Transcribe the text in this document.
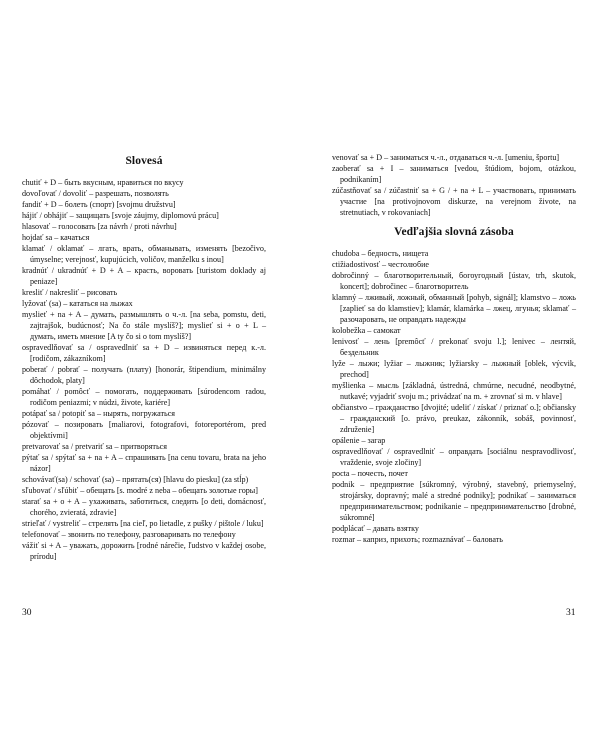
Slovesá

chutiť + D – быть вкусным, нравиться по вкусу

dovoľovať / dovoliť – разрешать, позволять

fandiť + D – болеть (спорт) [svojmu družstvu]

hájiť / obhájiť – защищать [svoje záujmy, diplomovú prácu]

hlasovať – голосовать [za návrh / proti návrhu]

hojdať sa – качаться

klamať / oklamať – лгать, врать, обманывать, изменять [bezočivo, úmyselne; verejnosť, kupujúcich, voličov, manželku s inou]

kradnúť / ukradnúť + D + A – красть, воровать [turistom doklady aj peniaze]

kresliť / nakresliť – рисовать

lyžovať (sa) – кататься на лыжах

myslieť + na + A – думать, размышлять о ч.-л. [na seba, pomstu, deti, zajtrajšok, budúcnosť; Na čo stále myslíš?]; myslieť si + o + L – думать, иметь мнение [A ty čo si o tom myslíš?]

ospravedlňovať sa / ospravedlniť sa + D – извиняться перед к.-л. [rodičom, zákazníkom]

poberať / pobrať – получать (плату) [honorár, štipendium, minimálny dôchodok, platy]

pomáhať / pomôcť – помогать, поддерживать [súrodencom radou, rodičom peniazmi; v núdzi, živote, kariére]

potápať sa / potopiť sa – нырять, погружаться

pózovať – позировать [maliarovi, fotografovi, fotoreportérom, pred objektívmi]

pretvarovať sa / pretvariť sa – притворяться

pýtať sa / spýtať sa + na + A – спрашивать [na cenu tovaru, brata na jeho názor]

schovávať(sa) / schovať (sa) – прятать(ся) [hlavu do piesku] (za stĺp)

sľubovať / sľúbiť – обещать [s. modré z neba – обещать золотые горы]

starať sa + o + A – ухаживать, заботиться, следить [o deti, domácnosť, chorého, zvieratá, zdravie]

strieľať / vystreliť – стрелять [na cieľ, po lietadle, z pušky / pištole / luku]

telefonovať – звонить по телефону, разговаривать по телефону

vážiť si + A – уважать, дорожить [rodné nárečie, ľudstvo v každej osobe, prírodu]

venovať sa + D – заниматься ч.-л., отдаваться ч.-л. [umeniu, športu]

zaoberať sa + I – заниматься [vedou, štúdiom, bojom, otázkou, podnikaním]

zúčastňovať sa / zúčastniť sa + G / + na + L – участвовать, принимать участие [na protivojnovom diskurze, na verejnom živote, na stretnutiach, v rokovaniach]

Vedľajšia slovná zásoba

chudoba – бедность, нищета

ctižiadostivosť – честолюбие

dobročinný – благотворительный, богоугодный [ústav, trh, skutok, koncert]; dobročinec – благотворитель

klamný – лживый, ложный, обманный [pohyb, signál]; klamstvo – ложь [zaplieť sa do klamstiev]; klamár, klamárka – лжец, лгунья; sklamať – разочаровать, не оправдать надежды

kolobežka – самокат

lenivosť – лень [premôcť / prekonať svoju l.]; lenivec – лентяй, бездельник

lyže – лыжи; lyžiar – лыжник; lyžiarsky – лыжный [oblek, výcvik, prechod]

myšlienka – мысль [základná, ústredná, chmúrne, necudné, neodbytné, nutkavé; vyjadriť svoju m.; privádzať na m. + zrovnať si m. v hlave]

občianstvo – гражданство [dvojité; udeliť / získať / priznať o.]; občiansky – гражданский [o. právo, preukaz, zákonník, sobáš, povinnosť, združenie]

opálenie – загар

ospravedlňovať / ospravedlniť – оправдать [sociálnu nespravodlivosť, vraždenie, svoje zločiny]

pocta – почесть, почет

podnik – предприятие [súkromný, výrobný, stavebný, priemyselný, strojársky, dopravný; malé a stredné podniky]; podnikať – заниматься предпринимательством; podnikanie – предпринимательство [drobné, súkromné]

podplácať – давать взятку

rozmar – каприз, прихоть; rozmaznávať – баловать

30	31
